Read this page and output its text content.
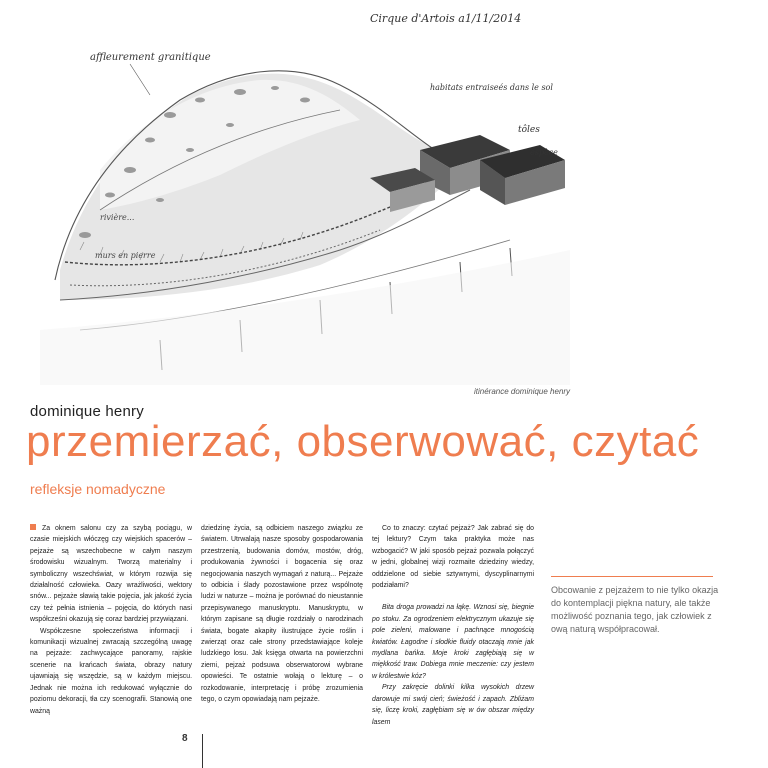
Cirque d'Artois a1/11/2014
affleurement granitique
habitats entraiseés dans le sol
tôles
espèce
rivière...
murs en pierre
itinérance dominique henry
dominique henry
przemierzać, obserwować, czytać
refleksje nomadyczne

Za oknem salonu czy za szybą pociągu, w czasie miejskich włóczęg czy wiejskich spacerów – pejzaże są wszechobecne w całym naszym środowisku wizualnym. Tworzą materialny i symboliczny wszechświat, w którym rozwija się działalność człowieka. Oazy wrażliwości, wektory snów... pejzaże sławią takie pojęcia, jak jakość życia czy też pełnia istnienia – pojęcia, do których nasi współcześni okazują się coraz bardziej przywiązani.

Współczesne społeczeństwa informacji i komunikacji wizualnej zwracają szczególną uwagę na pejzaże: zachwycające panoramy, rajskie scenerie na krańcach świata, obrazy natury ujawniają się wszędzie, są w każdym miejscu. Jednak nie można ich redukować wyłącznie do poziomu dekoracji, tła czy scenografii. Stanowią one ważną

dziedzinę życia, są odbiciem naszego związku ze światem. Utrwalają nasze sposoby gospodarowania przestrzenią, budowania domów, mostów, dróg, produkowania żywności i bogacenia się oraz negocjowania naszych wymagań z naturą... Pejzaże to odbicia i ślady pozostawione przez wspólnotę ludzi w naturze – można je porównać do nieustannie przepisywanego manuskryptu. Manuskryptu, w którym zapisane są długie rozdziały o narodzinach świata, bogate akapity ilustrujące życie roślin i zwierząt oraz całe strony przedstawiające koleje ludzkiego losu. Jak księga otwarta na powierzchni ziemi, pejzaż podsuwa obserwatorowi wybrane opowieści. Te ostatnie wołają o lekturę – o rozkodowanie, interpretację i próbę zrozumienia tego, o czym opowiadają nam pejzaże.

Co to znaczy: czytać pejzaż? Jak zabrać się do tej lektury? Czym taka praktyka może nas wzbogacić? W jaki sposób pejzaż pozwala połączyć w jedni, globalnej wizji rozmaite dziedziny wiedzy, oddzielone od siebie sztywnymi, dyscyplinarnymi podziałami?

Bita droga prowadzi na łąkę. Wznosi się, biegnie po stoku. Za ogrodzeniem elektrycznym ukazuje się pole zieleni, malowane i pachnące mnogością kwiatów. Łagodne i słodkie fluidy otaczają mnie jak mydlana bańka. Moje kroki zagłębiają się w miękkość traw. Dobiega mnie meczenie: czy jestem w królestwie kóz?

Przy zakręcie dolinki kilka wysokich drzew darowuje mi swój cień; świeżość i zapach. Zbliżam się, liczę kroki, zagłębiam się w ów obszar między lasem

Obcowanie z pejzażem to nie tylko okazja do kontemplacji piękna natury, ale także możliwość poznania tego, jak człowiek z ową naturą współpracował.
8
